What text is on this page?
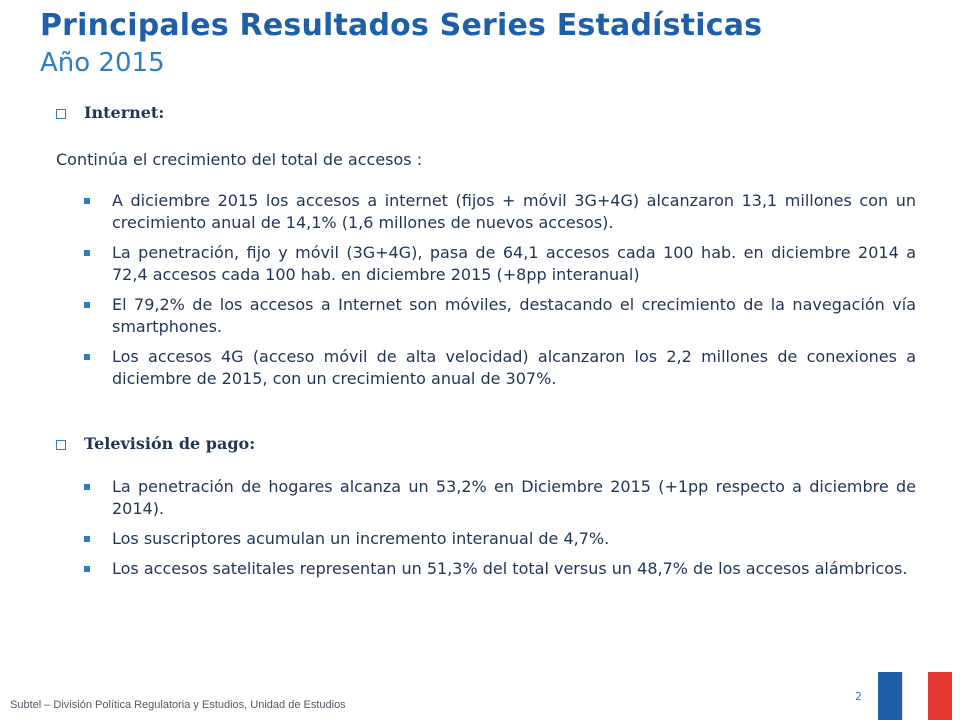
Principales Resultados Series Estadísticas
Año 2015
Internet:
Continúa el crecimiento del total de accesos :
A diciembre 2015 los accesos a internet (fijos + móvil 3G+4G) alcanzaron 13,1 millones con un crecimiento anual de 14,1% (1,6 millones de nuevos accesos).
La penetración, fijo y móvil (3G+4G), pasa de 64,1 accesos cada 100 hab. en diciembre 2014 a 72,4 accesos cada 100 hab. en diciembre 2015 (+8pp interanual)
El 79,2% de los accesos a Internet son móviles, destacando el crecimiento de la navegación vía smartphones.
Los accesos 4G (acceso móvil de alta velocidad) alcanzaron los 2,2 millones de conexiones a diciembre de 2015, con un crecimiento anual de 307%.
Televisión de pago:
La penetración de hogares alcanza un 53,2% en Diciembre 2015 (+1pp respecto a diciembre de 2014).
Los suscriptores acumulan un incremento interanual de 4,7%.
Los accesos satelitales representan un 51,3% del total versus un 48,7% de los accesos alámbricos.
Subtel – División Política Regulatoria y Estudios, Unidad de Estudios
2
